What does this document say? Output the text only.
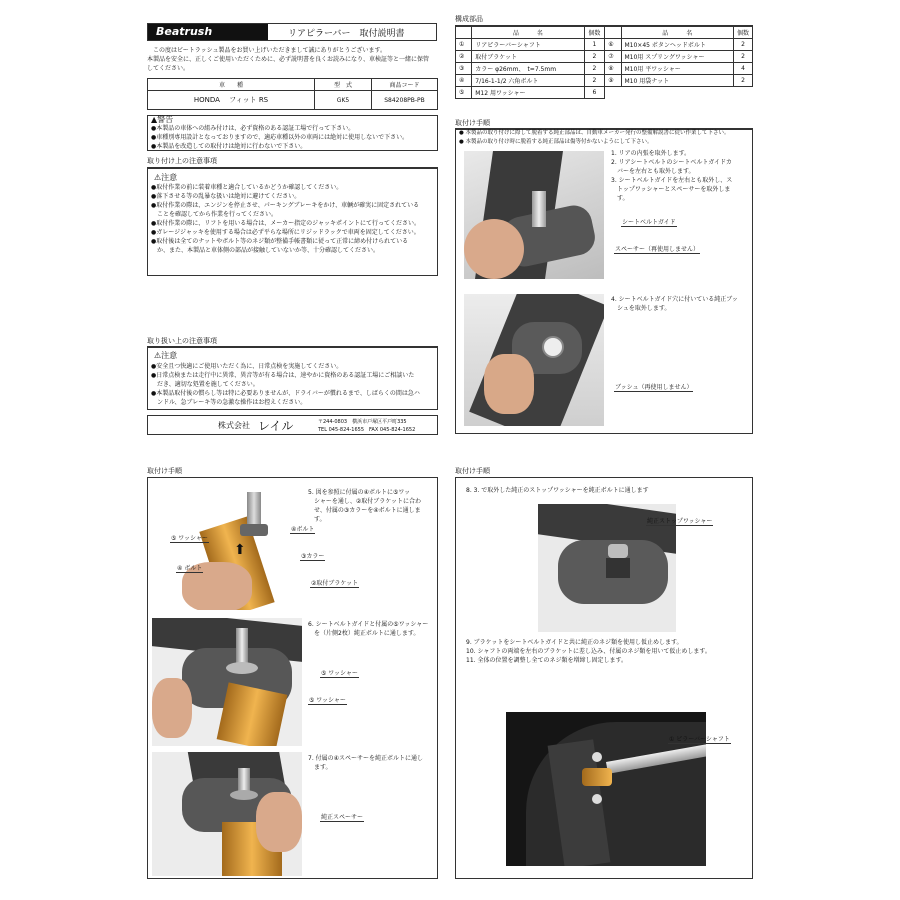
Beatrush	リアピラーバー　取付説明書
この度はビートラッシュ製品をお買い上げいただきまして誠にありがとうございます。
本製品を安全に、正しくご使用いただくために、必ず説明書を良くお読みになり、車検証等と一緒に保管
してください。
車　　種	型　式	商品コード
HONDA　 フィット RS	GK5	S84208PB-PB
▲警告
●本製品の車体への組み付けは、必ず資格のある認証工場で行って下さい。
●車種別専用設計となっておりますので、適応車種以外の車両には絶対に使用しないで下さい。
●本製品を改造しての取付けは絶対に行わないで下さい。
取り付け上の注意事項
⚠注意
●取付作業の前に装着車種と適合しているかどうか確認してください。
●落下させる等の乱暴な扱いは絶対に避けてください。
●取付作業の際は、エンジンを停止させ、パーキングブレーキをかけ、車輌が確実に固定されている
　ことを確認してから作業を行ってください。
●取付作業の際に、リフトを用いる場合は、メーカー指定のジャッキポイントにて行ってください。
●ガレージジャッキを使用する場合は必ず平らな場所にリジッドラックで車両を固定してください。
●取付後は全てのナットやボルト等のネジ類が整備手帳書類に従って正常に締め付けられている
　か、また、本製品と車体側の部品が接触していないか等、十分確認してください。
取り扱い上の注意事項
⚠注意
●安全且つ快適にご使用いただく為に、日常点検を実施してください。
●日常点検または走行中に異常、異音等が有る場合は、速やかに資格のある認証工場にご相談いた
　だき、適切な処置を施してください。
●本製品取付後の慣らし等は特に必要ありませんが、ドライバーが慣れるまで、しばらくの間は急ハ
　ンドル、急ブレーキ等の急激な操作はお控えください。
株式会社 レイル	〒244-0803　横浜市戸塚区平戸町335
TEL 045-824-1655　FAX 045-824-1652
構成部品
	品　　　名	個数		品　　　名	個数
①	リアピラーバーシャフト	1	⑥	M10×45 ボタンヘッドボルト	2
②	取付ブラケット	2	⑦	M10用 スプリングワッシャー	2
③	カラー φ26mm、　t=7.5mm	2	⑧	M10用 平ワッシャー	4
④	7/16-1-1/2 六角ボルト	2	⑨	M10 用袋ナット	2
⑤	M12 用ワッシャー	6			
取付け手順
● 本製品の取り付けに際して脱着する純正部品は、自動車メーカー発行の整備解説書に従い作業して下さい。
● 本製品の取り付け時に脱着する純正部品は傷等付かないようにして下さい。
1. リアの内張を取外します。
2. リアシートベルトのシートベルトガイドカ
　バーを左右とも取外します。
3. シートベルトガイドを左右とも取外し、ス
　トップワッシャーとスペーサーを取外しま
　す。
シートベルトガイド
スペーサー（再使用しません）
4. シートベルトガイド穴に付いている純正ブッ
　シュを取外します。
ブッシュ（再使用しません）
取付け手順
⬆
5. 図を参照に付属の④ボルトに⑤ワッ
　シャーを通し、②取付ブラケットに合わ
　せ、付属の③カラーを④ボルトに通しま
　す。
④ボルト
③カラー
②取付ブラケット
⑤ ワッシャー
④ ボルト
6. シートベルトガイドと付属の⑤ワッシャー
　を（片側2枚）純正ボルトに通します。
⑤ ワッシャー
⑤ ワッシャー
7. 付属の④スペーサーを純正ボルトに通し
　ます。
純正スペーサー
取付け手順
8. 3. で取外した純正のストップワッシャーを純正ボルトに通します
純正ストップワッシャー
9. ブラケットをシートベルトガイドと共に純正のネジ類を使用し仮止めします。
10. シャフトの両端を左右のブラケットに差し込み、付属のネジ類を用いて仮止めします。
11. 全体の位置を調整し全てのネジ類を増締し固定します。
① ピラーバーシャフト
